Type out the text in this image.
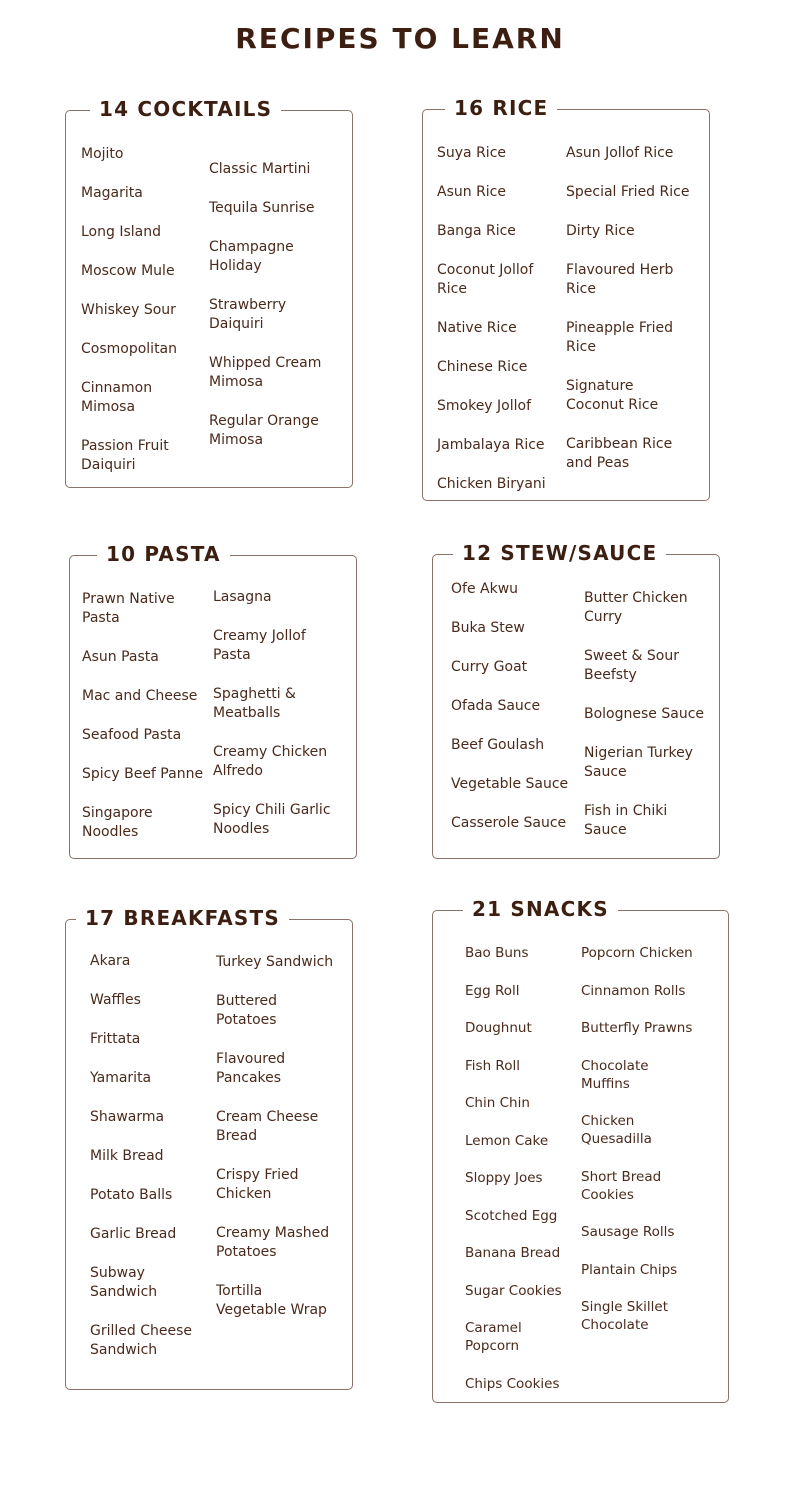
RECIPES TO LEARN
14 COCKTAILS
Mojito
Magarita
Long Island
Moscow Mule
Whiskey Sour
Cosmopolitan
Cinnamon Mimosa
Passion Fruit Daiquiri
Classic Martini
Tequila Sunrise
Champagne Holiday
Strawberry Daiquiri
Whipped Cream Mimosa
Regular Orange Mimosa
16 RICE
Suya Rice
Asun Rice
Banga Rice
Coconut Jollof Rice
Native Rice
Chinese Rice
Smokey Jollof
Jambalaya Rice
Chicken Biryani
Asun Jollof Rice
Special Fried Rice
Dirty Rice
Flavoured Herb Rice
Pineapple Fried Rice
Signature Coconut Rice
Caribbean Rice and Peas
10 PASTA
Prawn Native Pasta
Asun Pasta
Mac and Cheese
Seafood Pasta
Spicy Beef Panne
Singapore Noodles
Lasagna
Creamy Jollof Pasta
Spaghetti & Meatballs
Creamy Chicken Alfredo
Spicy Chili Garlic Noodles
12 STEW/SAUCE
Ofe Akwu
Buka Stew
Curry Goat
Ofada Sauce
Beef Goulash
Vegetable Sauce
Casserole Sauce
Butter Chicken Curry
Sweet & Sour Beefsty
Bolognese Sauce
Nigerian Turkey Sauce
Fish in Chiki Sauce
17 BREAKFASTS
Akara
Waffles
Frittata
Yamarita
Shawarma
Milk Bread
Potato Balls
Garlic Bread
Subway Sandwich
Grilled Cheese Sandwich
Turkey Sandwich
Buttered Potatoes
Flavoured Pancakes
Cream Cheese Bread
Crispy Fried Chicken
Creamy Mashed Potatoes
Tortilla Vegetable Wrap
21 SNACKS
Bao Buns
Egg Roll
Doughnut
Fish Roll
Chin Chin
Lemon Cake
Sloppy Joes
Scotched Egg
Banana Bread
Sugar Cookies
Caramel Popcorn
Chips Cookies
Popcorn Chicken
Cinnamon Rolls
Butterfly Prawns
Chocolate Muffins
Chicken Quesadilla
Short Bread Cookies
Sausage Rolls
Plantain Chips
Single Skillet Chocolate
